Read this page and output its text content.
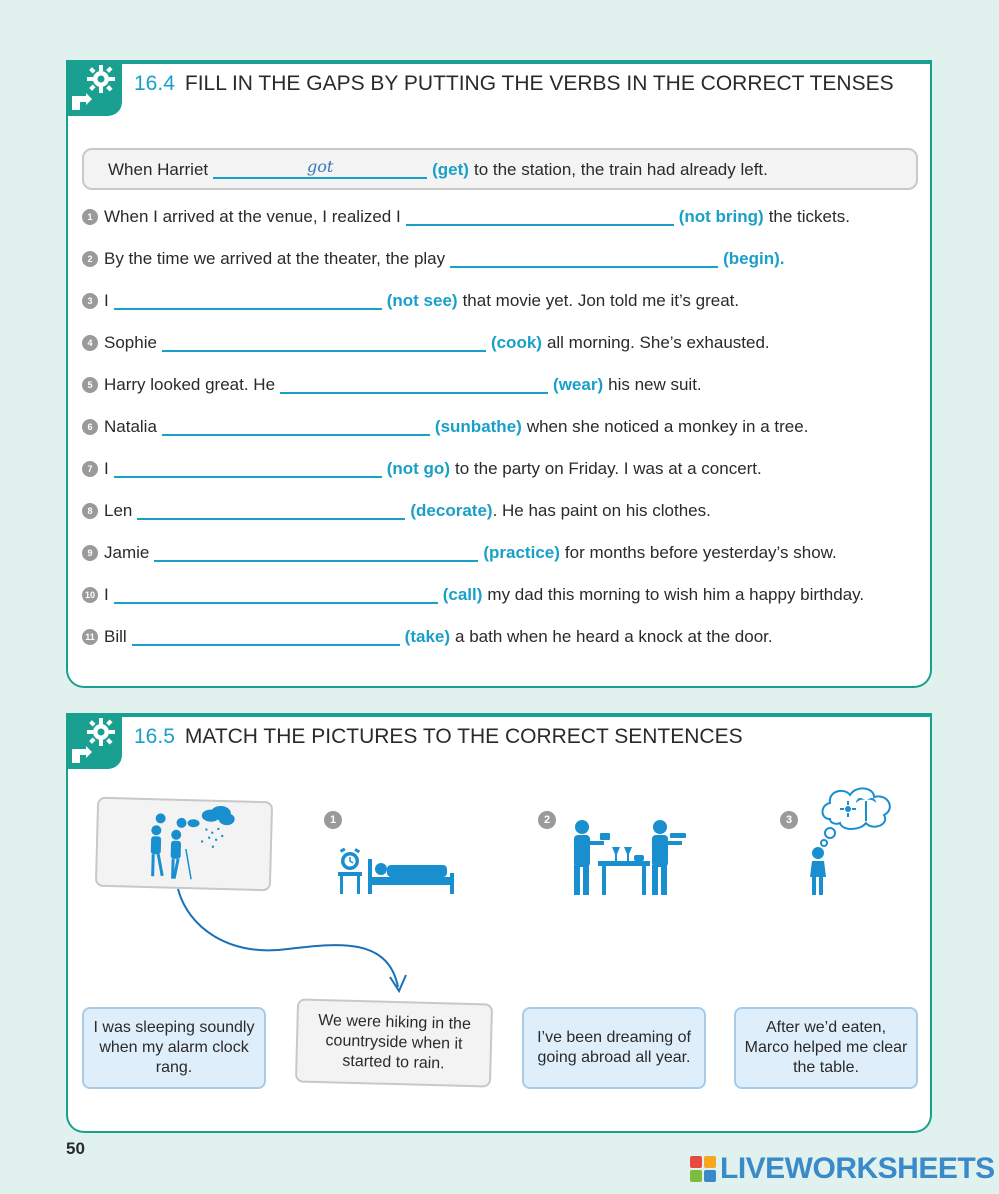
16.4 FILL IN THE GAPS BY PUTTING THE VERBS IN THE CORRECT TENSES
When Harriet	got	(get) to the station, the train had already left.
1 When I arrived at the venue, I realized I	(not bring) the tickets.
2 By the time we arrived at the theater, the play	(begin) .
3 I	(not see) that movie yet. Jon told me it’s great.
4 Sophie	(cook) all morning. She’s exhausted.
5 Harry looked great. He	(wear) his new suit.
6 Natalia	(sunbathe) when she noticed a monkey in a tree.
7 I	(not go) to the party on Friday. I was at a concert.
8 Len	(decorate) . He has paint on his clothes.
9 Jamie	(practice) for months before yesterday’s show.
10 I	(call) my dad this morning to wish him a happy birthday.
11 Bill	(take) a bath when he heard a knock at the door.
16.5 MATCH THE PICTURES TO THE CORRECT SENTENCES
1	2	3
I was sleeping soundly when my alarm clock rang.
We were hiking in the countryside when it started to rain.
I’ve been dreaming of going abroad all year.
After we’d eaten, Marco helped me clear the table.
50
LIVEWORKSHEETS
